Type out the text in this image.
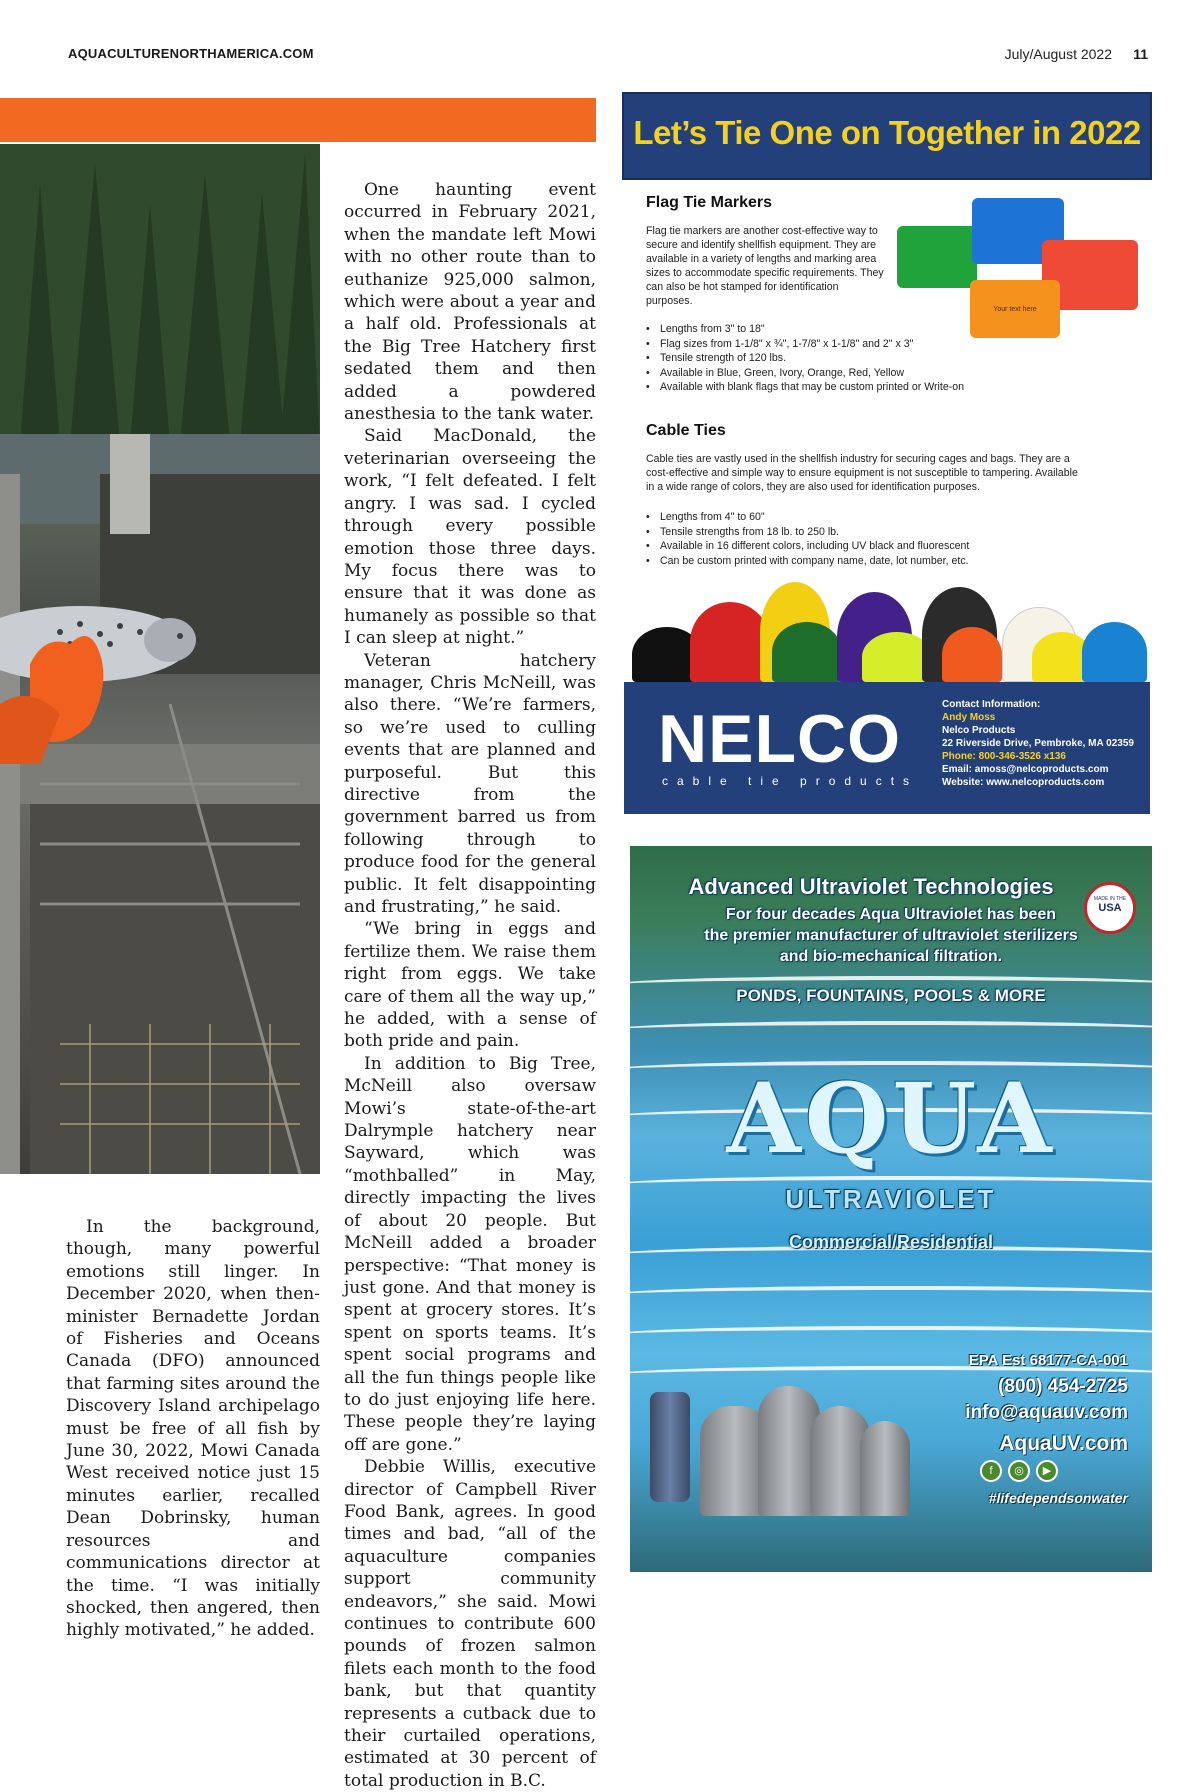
AQUACULTURENORTHAMERICA.COM	July/August 2022 11

One haunting event occurred in February 2021, when the mandate left Mowi with no other route than to euthanize 925,000 salmon, which were about a year and a half old. Professionals at the Big Tree Hatchery first sedated them and then added a powdered anesthesia to the tank water.

Said MacDonald, the veterinarian overseeing the work, “I felt defeated. I felt angry. I was sad. I cycled through every possible emotion those three days. My focus there was to ensure that it was done as humanely as possible so that I can sleep at night.”

Veteran hatchery manager, Chris McNeill, was also there. “We’re farmers, so we’re used to culling events that are planned and purposeful. But this directive from the government barred us from following through to produce food for the general public. It felt disappointing and frustrating,” he said.

“We bring in eggs and fertilize them. We raise them right from eggs. We take care of them all the way up,” he added, with a sense of both pride and pain.

In addition to Big Tree, McNeill also oversaw Mowi’s state-of-the-art Dalrymple hatchery near Sayward, which was “mothballed” in May, directly impacting the lives of about 20 people. But McNeill added a broader perspective: “That money is just gone. And that money is spent at grocery stores. It’s spent on sports teams. It’s spent social programs and all the fun things people like to do just enjoying life here. These people they’re laying off are gone.”

Debbie Willis, executive director of Campbell River Food Bank, agrees. In good times and bad, “all of the aquaculture companies support community endeavors,” she said. Mowi continues to contribute 600 pounds of frozen salmon filets each month to the food bank, but that quantity represents a cutback due to their curtailed operations, estimated at 30 percent of total production in B.C.

In the background, though, many powerful emotions still linger. In December 2020, when then-minister Bernadette Jordan of Fisheries and Oceans Canada (DFO) announced that farming sites around the Discovery Island archipelago must be free of all fish by June 30, 2022, Mowi Canada West received notice just 15 minutes earlier, recalled Dean Dobrinsky, human resources and communications director at the time. “I was initially shocked, then angered, then highly motivated,” he added.

Let’s Tie One on Together in 2022
Flag Tie Markers
Flag tie markers are another cost-effective way to secure and identify shellfish equipment. They are available in a variety of lengths and marking area sizes to accommodate specific requirements. They can also be hot stamped for identification purposes.
Your text here
• Lengths from 3" to 18"
• Flag sizes from 1-1/8" x ¾", 1-7/8" x 1-1/8" and 2" x 3"
• Tensile strength of 120 lbs.
• Available in Blue, Green, Ivory, Orange, Red, Yellow
• Available with blank flags that may be custom printed or Write-on
Cable Ties
Cable ties are vastly used in the shellfish industry for securing cages and bags. They are a cost-effective and simple way to ensure equipment is not susceptible to tampering. Available in a wide range of colors, they are also used for identification purposes.
• Lengths from 4" to 60"
• Tensile strengths from 18 lb. to 250 lb.
• Available in 16 different colors, including UV black and fluorescent
• Can be custom printed with company name, date, lot number, etc.
NELCO
cable tie products
Contact Information:
Andy Moss
Nelco Products
22 Riverside Drive, Pembroke, MA 02359
Phone: 800-346-3526 x136
Email: amoss@nelcoproducts.com
Website: www.nelcoproducts.com
Advanced Ultraviolet Technologies
For four decades Aqua Ultraviolet has been
the premier manufacturer of ultraviolet sterilizers
and bio-mechanical filtration.
PONDS, FOUNTAINS, POOLS & MORE
MADE IN THE
USA
AQUA
ULTRAVIOLET
Commercial/Residential
EPA Est 68177-CA-001
(800) 454-2725
info@aquauv.com
AquaUV.com
f	◎	▶
#lifedependsonwater
